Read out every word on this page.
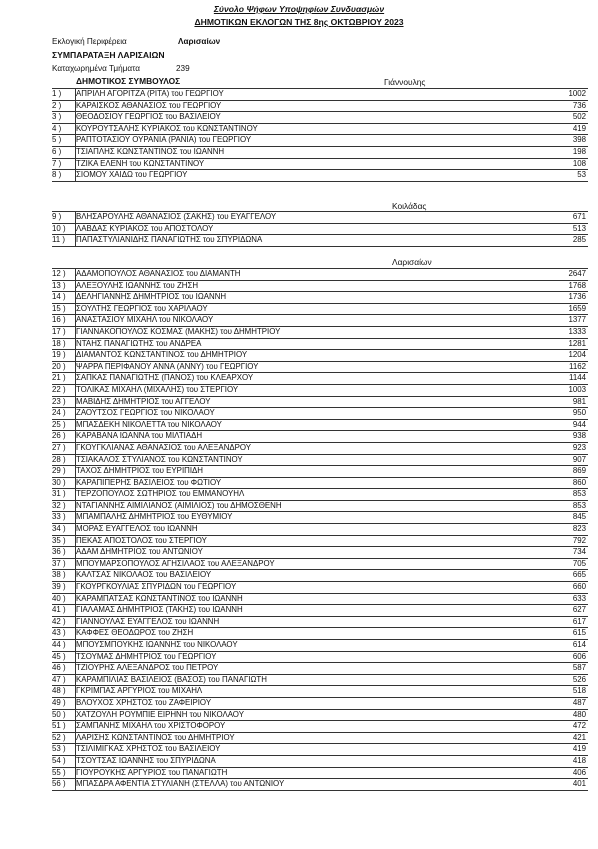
Σύνολο Ψήφων Υποψηφίων Συνδυασμών
ΔΗΜΟΤΙΚΩΝ ΕΚΛΟΓΩΝ ΤΗΣ 8ης ΟΚΤΩΒΡΙΟΥ 2023
Εκλογική Περιφέρεια	Λαρισαίων
ΣΥΜΠΑΡΑΤΑΞΗ ΛΑΡΙΣΑΙΩΝ
Καταχωρημένα Τμήματα	239
ΔΗΜΟΤΙΚΟΣ ΣΥΜΒΟΥΛΟΣ	Γιάννουλης
1 )	ΑΠΡΙΛΗ ΑΓΟΡΙΤΖΑ (ΡΙΤΑ) του ΓΕΩΡΓΙΟΥ	1002
2 )	ΚΑΡΑΙΣΚΟΣ ΑΘΑΝΑΣΙΟΣ του ΓΕΩΡΓΙΟΥ	736
3 )	ΘΕΟΔΟΣΙΟΥ ΓΕΩΡΓΙΟΣ του ΒΑΣΙΛΕΙΟΥ	502
4 )	ΚΟΥΡΟΥΤΣΑΛΗΣ ΚΥΡΙΑΚΟΣ του ΚΩΝΣΤΑΝΤΙΝΟΥ	419
5 )	ΡΑΠΤΟΤΑΣΙΟΥ ΟΥΡΑΝΙΑ (ΡΑΝΙΑ) του ΓΕΩΡΓΙΟΥ	398
6 )	ΤΣΙΑΠΛΗΣ ΚΩΝΣΤΑΝΤΙΝΟΣ του ΙΩΑΝΝΗ	198
7 )	ΤΖΙΚΑ ΕΛΕΝΗ του ΚΩΝΣΤΑΝΤΙΝΟΥ	108
8 )	ΣΙΟΜΟΥ ΧΑΙΔΩ του ΓΕΩΡΓΙΟΥ	53
Κοιλάδας
9 )	ΒΛΗΣΑΡΟΥΛΗΣ ΑΘΑΝΑΣΙΟΣ (ΣΑΚΗΣ) του ΕΥΑΓΓΕΛΟΥ	671
10 )	ΛΑΒΔΑΣ ΚΥΡΙΑΚΟΣ του ΑΠΟΣΤΟΛΟΥ	513
11 )	ΠΑΠΑΣΤΥΛΙΑΝΙΔΗΣ ΠΑΝΑΓΙΩΤΗΣ του ΣΠΥΡΙΔΩΝΑ	285
Λαρισαίων
12 )	ΑΔΑΜΟΠΟΥΛΟΣ ΑΘΑΝΑΣΙΟΣ του ΔΙΑΜΑΝΤΗ	2647
13 )	ΑΛΕΞΟΥΛΗΣ ΙΩΑΝΝΗΣ του ΖΗΣΗ	1768
14 )	ΔΕΛΗΓΙΑΝΝΗΣ ΔΗΜΗΤΡΙΟΣ του ΙΩΑΝΝΗ	1736
15 )	ΣΟΥΛΤΗΣ ΓΕΩΡΓΙΟΣ του ΧΑΡΙΛΑΟΥ	1659
16 )	ΑΝΑΣΤΑΣΙΟΥ ΜΙΧΑΗΛ του ΝΙΚΟΛΑΟΥ	1377
17 )	ΓΙΑΝΝΑΚΟΠΟΥΛΟΣ ΚΟΣΜΑΣ (ΜΑΚΗΣ) του ΔΗΜΗΤΡΙΟΥ	1333
18 )	ΝΤΑΗΣ ΠΑΝΑΓΙΩΤΗΣ του ΑΝΔΡΕΑ	1281
19 )	ΔΙΑΜΑΝΤΟΣ ΚΩΝΣΤΑΝΤΙΝΟΣ του ΔΗΜΗΤΡΙΟΥ	1204
20 )	ΨΑΡΡΑ ΠΕΡΙΦΑΝΟΥ ΑΝΝΑ (ΑΝΝΥ) του ΓΕΩΡΓΙΟΥ	1162
21 )	ΣΑΠΚΑΣ ΠΑΝΑΓΙΩΤΗΣ (ΠΑΝΟΣ) του ΚΛΕΑΡΧΟΥ	1144
22 )	ΤΟΛΙΚΑΣ ΜΙΧΑΗΛ (ΜΙΧΑΛΗΣ) του ΣΤΕΡΓΙΟΥ	1003
23 )	ΜΑΒΙΔΗΣ ΔΗΜΗΤΡΙΟΣ του ΑΓΓΕΛΟΥ	981
24 )	ΖΑΟΥΤΣΟΣ ΓΕΩΡΓΙΟΣ του ΝΙΚΟΛΑΟΥ	950
25 )	ΜΠΑΣΔΕΚΗ ΝΙΚΟΛΕΤΤΑ του ΝΙΚΟΛΑΟΥ	944
26 )	ΚΑΡΑΒΑΝΑ ΙΩΑΝΝΑ του ΜΙΛΤΙΑΔΗ	938
27 )	ΓΚΟΥΓΚΛΙΑΝΑΣ ΑΘΑΝΑΣΙΟΣ του ΑΛΕΞΑΝΔΡΟΥ	923
28 )	ΤΣΙΑΚΑΛΟΣ ΣΤΥΛΙΑΝΟΣ του ΚΩΝΣΤΑΝΤΙΝΟΥ	907
29 )	ΤΑΧΟΣ ΔΗΜΗΤΡΙΟΣ του ΕΥΡΙΠΙΔΗ	869
30 )	ΚΑΡΑΠΙΠΕΡΗΣ ΒΑΣΙΛΕΙΟΣ του ΦΩΤΙΟΥ	860
31 )	ΤΕΡΖΟΠΟΥΛΟΣ ΣΩΤΗΡΙΟΣ του ΕΜΜΑΝΟΥΗΛ	853
32 )	ΝΤΑΓΙΑΝΝΗΣ ΑΙΜΙΛΙΑΝΟΣ (ΑΙΜΙΛΙΟΣ) του ΔΗΜΟΣΘΕΝΗ	853
33 )	ΜΠΑΜΠΑΛΗΣ ΔΗΜΗΤΡΙΟΣ του ΕΥΘΥΜΙΟΥ	845
34 )	ΜΟΡΑΣ ΕΥΑΓΓΕΛΟΣ του ΙΩΑΝΝΗ	823
35 )	ΠΕΚΑΣ ΑΠΟΣΤΟΛΟΣ του ΣΤΕΡΓΙΟΥ	792
36 )	ΑΔΑΜ ΔΗΜΗΤΡΙΟΣ του ΑΝΤΩΝΙΟΥ	734
37 )	ΜΠΟΥΜΑΡΣΟΠΟΥΛΟΣ ΑΓΗΣΙΛΑΟΣ του ΑΛΕΞΑΝΔΡΟΥ	705
38 )	ΚΑΛΤΣΑΣ ΝΙΚΟΛΑΟΣ του ΒΑΣΙΛΕΙΟΥ	665
39 )	ΓΚΟΥΡΓΚΟΥΛΙΑΣ ΣΠΥΡΙΔΩΝ του ΓΕΩΡΓΙΟΥ	660
40 )	ΚΑΡΑΜΠΑΤΣΑΣ ΚΩΝΣΤΑΝΤΙΝΟΣ του ΙΩΑΝΝΗ	633
41 )	ΓΙΑΛΑΜΑΣ ΔΗΜΗΤΡΙΟΣ (ΤΑΚΗΣ) του ΙΩΑΝΝΗ	627
42 )	ΓΙΑΝΝΟΥΛΑΣ ΕΥΑΓΓΕΛΟΣ του ΙΩΑΝΝΗ	617
43 )	ΚΑΦΦΕΣ ΘΕΟΔΩΡΟΣ του ΖΗΣΗ	615
44 )	ΜΠΟΥΣΜΠΟΥΚΗΣ ΙΩΑΝΝΗΣ του ΝΙΚΟΛΑΟΥ	614
45 )	ΤΣΟΥΜΑΣ ΔΗΜΗΤΡΙΟΣ του ΓΕΩΡΓΙΟΥ	606
46 )	ΤΖΙΟΥΡΗΣ ΑΛΕΞΑΝΔΡΟΣ του ΠΕΤΡΟΥ	587
47 )	ΚΑΡΑΜΠΙΛΙΑΣ ΒΑΣΙΛΕΙΟΣ (ΒΑΣΟΣ) του ΠΑΝΑΓΙΩΤΗ	526
48 )	ΓΚΡΙΜΠΑΣ ΑΡΓΥΡΙΟΣ του ΜΙΧΑΗΛ	518
49 )	ΒΛΟΥΧΟΣ ΧΡΗΣΤΟΣ του ΖΑΦΕΙΡΙΟΥ	487
50 )	ΧΑΤΖΟΥΛΗ ΡΟΥΜΠΙΕ ΕΙΡΗΝΗ του ΝΙΚΟΛΑΟΥ	480
51 )	ΣΑΜΠΑΝΗΣ ΜΙΧΑΗΛ του ΧΡΙΣΤΟΦΟΡΟΥ	472
52 )	ΛΑΡΙΣΗΣ ΚΩΝΣΤΑΝΤΙΝΟΣ του ΔΗΜΗΤΡΙΟΥ	421
53 )	ΤΣΙΛΙΜΙΓΚΑΣ ΧΡΗΣΤΟΣ του ΒΑΣΙΛΕΙΟΥ	419
54 )	ΤΣΟΥΤΣΑΣ ΙΩΑΝΝΗΣ του ΣΠΥΡΙΔΩΝΑ	418
55 )	ΓΙΟΥΡΟΥΚΗΣ ΑΡΓΥΡΙΟΣ του ΠΑΝΑΓΙΩΤΗ	406
56 )	ΜΠΑΣΔΡΑ ΑΦΕΝΤΙΑ ΣΤΥΛΙΑΝΗ (ΣΤΕΛΛΑ) του ΑΝΤΩΝΙΟΥ	401
